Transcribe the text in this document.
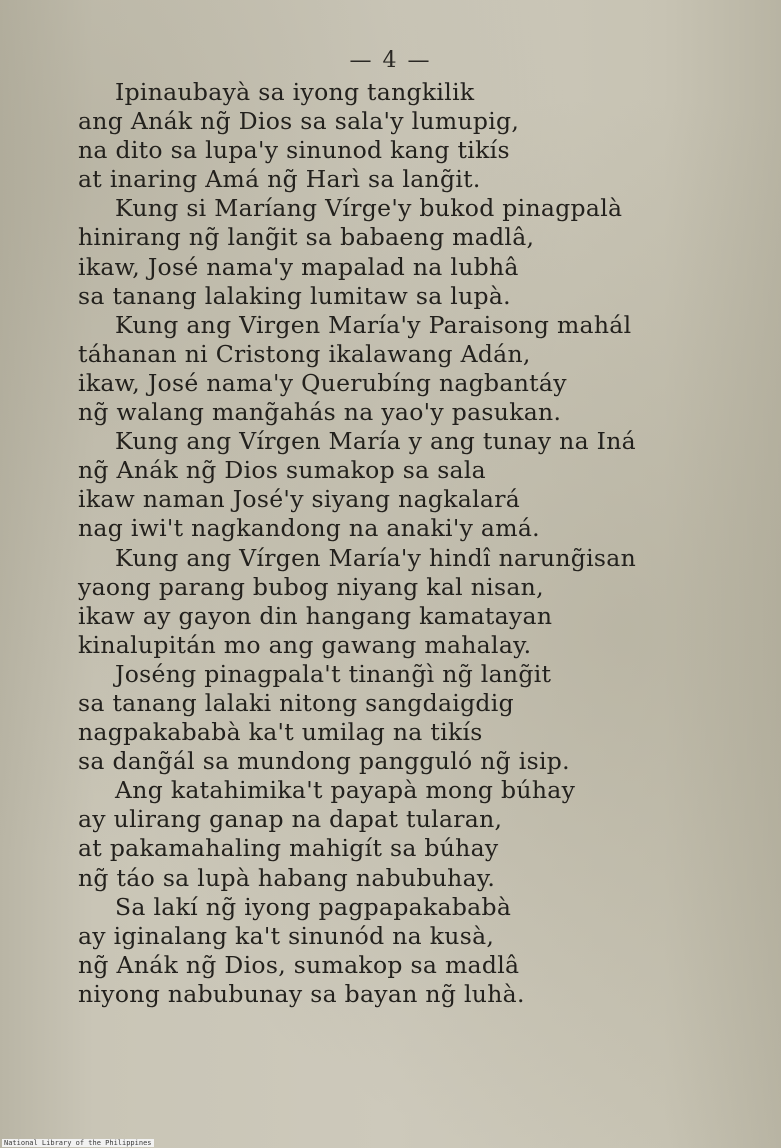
— 4 —
Ipinaubayà sa iyong tangkilik
ang Anák ng̃ Dios sa sala'y lumupig,
na dito sa lupa'y sinunod kang tikís
at inaring Amá ng̃ Harì sa lang̃it.
Kung si Maríang Vírge'y bukod pinagpalà
hinirang ng̃ lang̃it sa babaeng madlâ,
ikaw, José nama'y mapalad na lubhâ
sa tanang lalaking lumitaw sa lupà.
Kung ang Virgen María'y Paraisong mahál
táhanan ni Cristong ikalawang Adán,
ikaw, José nama'y Querubíng nagbantáy
ng̃ walang mang̃ahás na yao'y pasukan.
Kung ang Vírgen María y ang tunay na Iná
ng̃ Anák ng̃ Dios sumakop sa sala
ikaw naman José'y siyang nagkalará
nag iwi't nagkandong na anaki'y amá.
Kung ang Vírgen María'y hindî narung̃isan
yaong parang bubog niyang kal nisan,
ikaw ay gayon din hangang kamatayan
kinalupitán mo ang gawang mahalay.
Joséng pinagpala't tinang̃ì ng̃ lang̃it
sa tanang lalaki nitong sangdaigdig
nagpakababà ka't umilag na tikís
sa dang̃ál sa mundong pangguló ng̃ isip.
Ang katahimika't payapà mong búhay
ay ulirang ganap na dapat tularan,
at pakamahaling mahigít sa búhay
ng̃ táo sa lupà habang nabubuhay.
Sa lakí ng̃ iyong pagpapakababà
ay iginalang ka't sinunód na kusà,
ng̃ Anák ng̃ Dios, sumakop sa madlâ
niyong nabubunay sa bayan ng̃ luhà.
National Library of the Philippines
